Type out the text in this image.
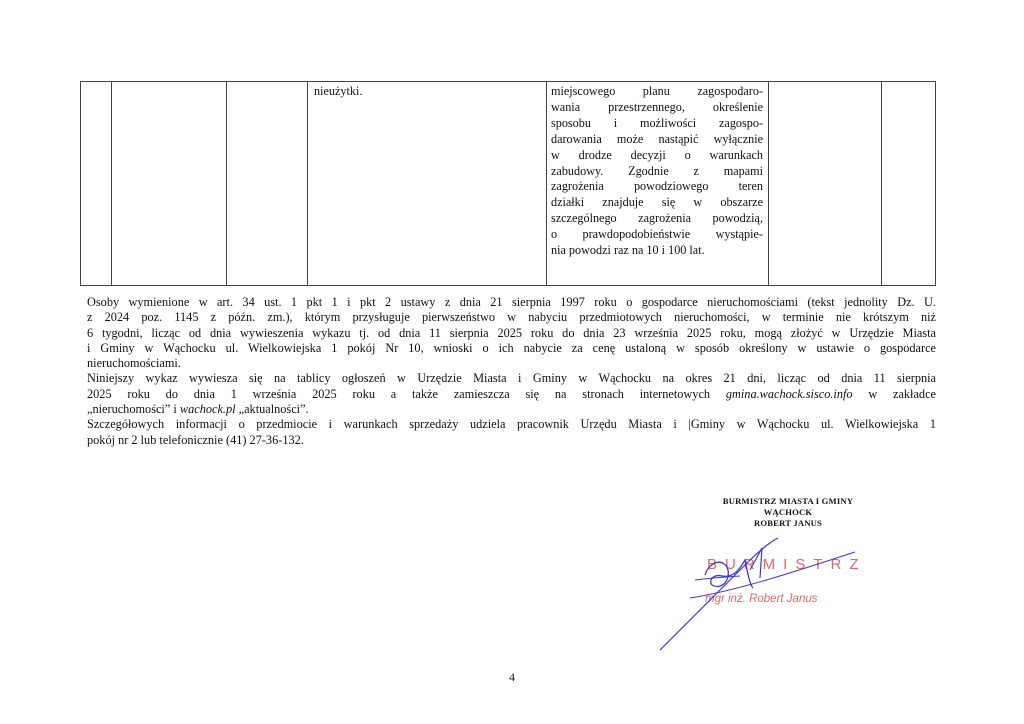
nieużytki.	miejscowego planu zagospodaro-
wania przestrzennego, określenie
sposobu i możliwości zagospo-
darowania może nastąpić wyłącznie
w drodze decyzji o warunkach
zabudowy. Zgodnie z mapami
zagrożenia powodziowego teren
działki znajduje się w obszarze
szczególnego zagrożenia powodzią,
o prawdopodobieństwie wystąpie-
nia powodzi raz na 10 i 100 lat.
Osoby wymienione w art. 34 ust. 1 pkt 1 i pkt 2 ustawy z dnia 21 sierpnia 1997 roku o gospodarce nieruchomościami (tekst jednolity Dz. U.
z 2024 poz. 1145 z późn. zm.), którym przysługuje pierwszeństwo w nabyciu przedmiotowych nieruchomości, w terminie nie krótszym niż
6 tygodni, licząc od dnia wywieszenia wykazu tj. od dnia 11 sierpnia 2025 roku do dnia 23 września 2025 roku, mogą złożyć w Urzędzie Miasta
i Gminy w Wąchocku ul. Wielkowiejska 1 pokój Nr 10, wnioski o ich nabycie za cenę ustaloną w sposób określony w ustawie o gospodarce
nieruchomościami.
Niniejszy wykaz wywiesza się na tablicy ogłoszeń w Urzędzie Miasta i Gminy w Wąchocku na okres 21 dni, licząc od dnia 11 sierpnia
2025 roku do dnia 1 września 2025 roku a także zamieszcza się na stronach internetowych gmina.wachock.sisco.info w zakładce
„nieruchomości” i wachock.pl „aktualności”.
Szczegółowych informacji o przedmiocie i warunkach sprzedaży udziela pracownik Urzędu Miasta i |Gminy w Wąchocku ul. Wielkowiejska 1
pokój nr 2 lub telefonicznie (41) 27-36-132.
BURMISTRZ MIASTA I GMINY
WĄCHOCK
ROBERT JANUS
BURMISTRZ
mgr inż. Robert Janus
4
